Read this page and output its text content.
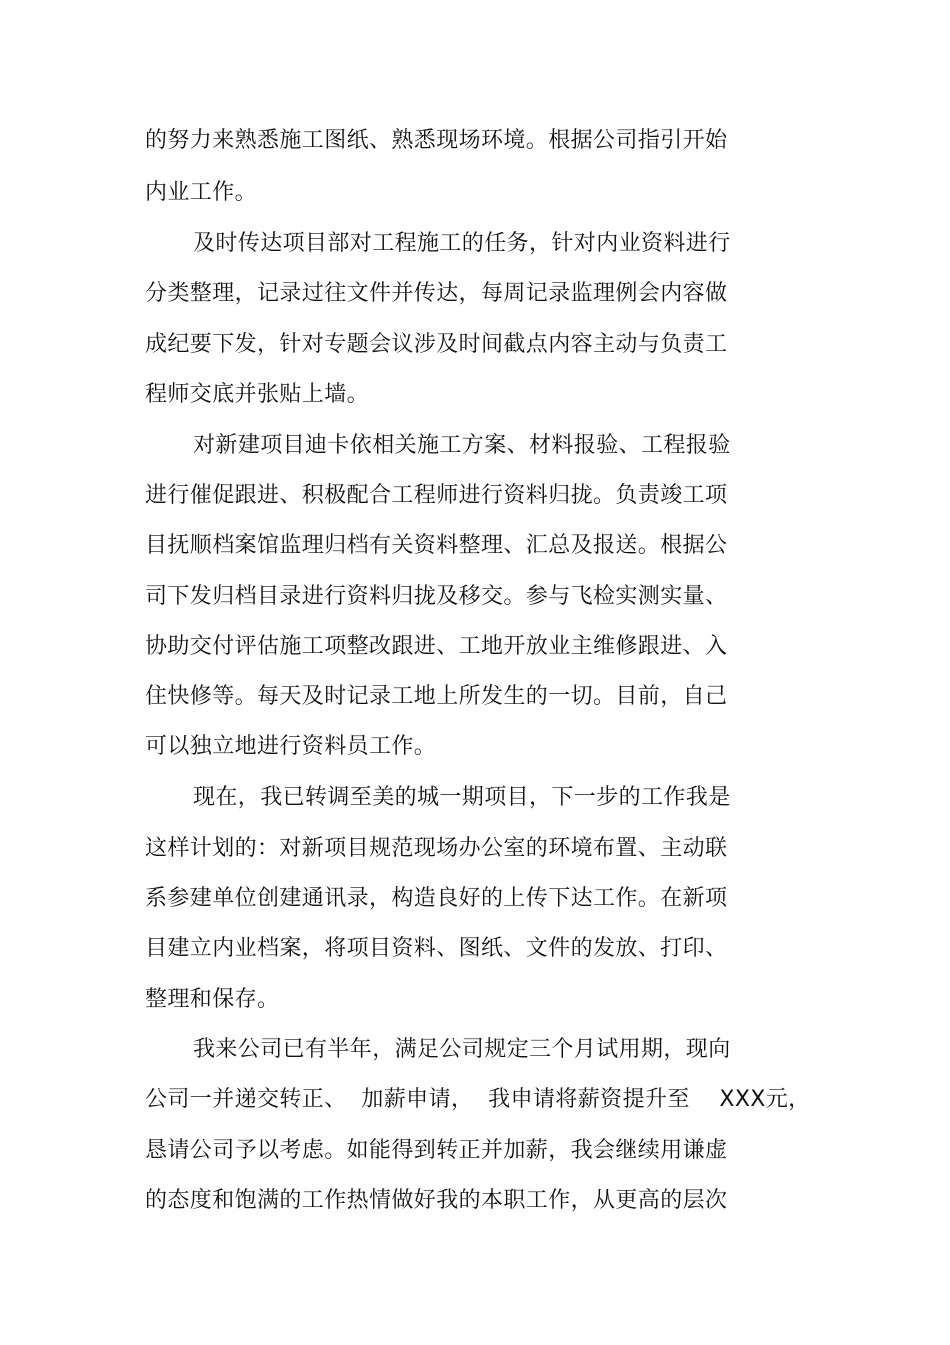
的努力来熟悉施工图纸、熟悉现场环境。根据公司指引开始
内业工作。
及时传达项目部对工程施工的任务，针对内业资料进行
分类整理，记录过往文件并传达，每周记录监理例会内容做
成纪要下发，针对专题会议涉及时间截点内容主动与负责工
程师交底并张贴上墙。
对新建项目迪卡依相关施工方案、材料报验、工程报验
进行催促跟进、积极配合工程师进行资料归拢。负责竣工项
目抚顺档案馆监理归档有关资料整理、汇总及报送。根据公
司下发归档目录进行资料归拢及移交。参与飞检实测实量、
协助交付评估施工项整改跟进、工地开放业主维修跟进、入
住快修等。每天及时记录工地上所发生的一切。目前，自己
可以独立地进行资料员工作。
现在，我已转调至美的城一期项目，下一步的工作我是
这样计划的：对新项目规范现场办公室的环境布置、主动联
系参建单位创建通讯录，构造良好的上传下达工作。在新项
目建立内业档案，将项目资料、图纸、文件的发放、打印、
整理和保存。
我来公司已有半年，满足公司规定三个月试用期，现向
公司一并递交转正、  加薪申请，  我申请将薪资提升至    XXX元，
恳请公司予以考虑。如能得到转正并加薪，我会继续用谦虚
的态度和饱满的工作热情做好我的本职工作，从更高的层次
